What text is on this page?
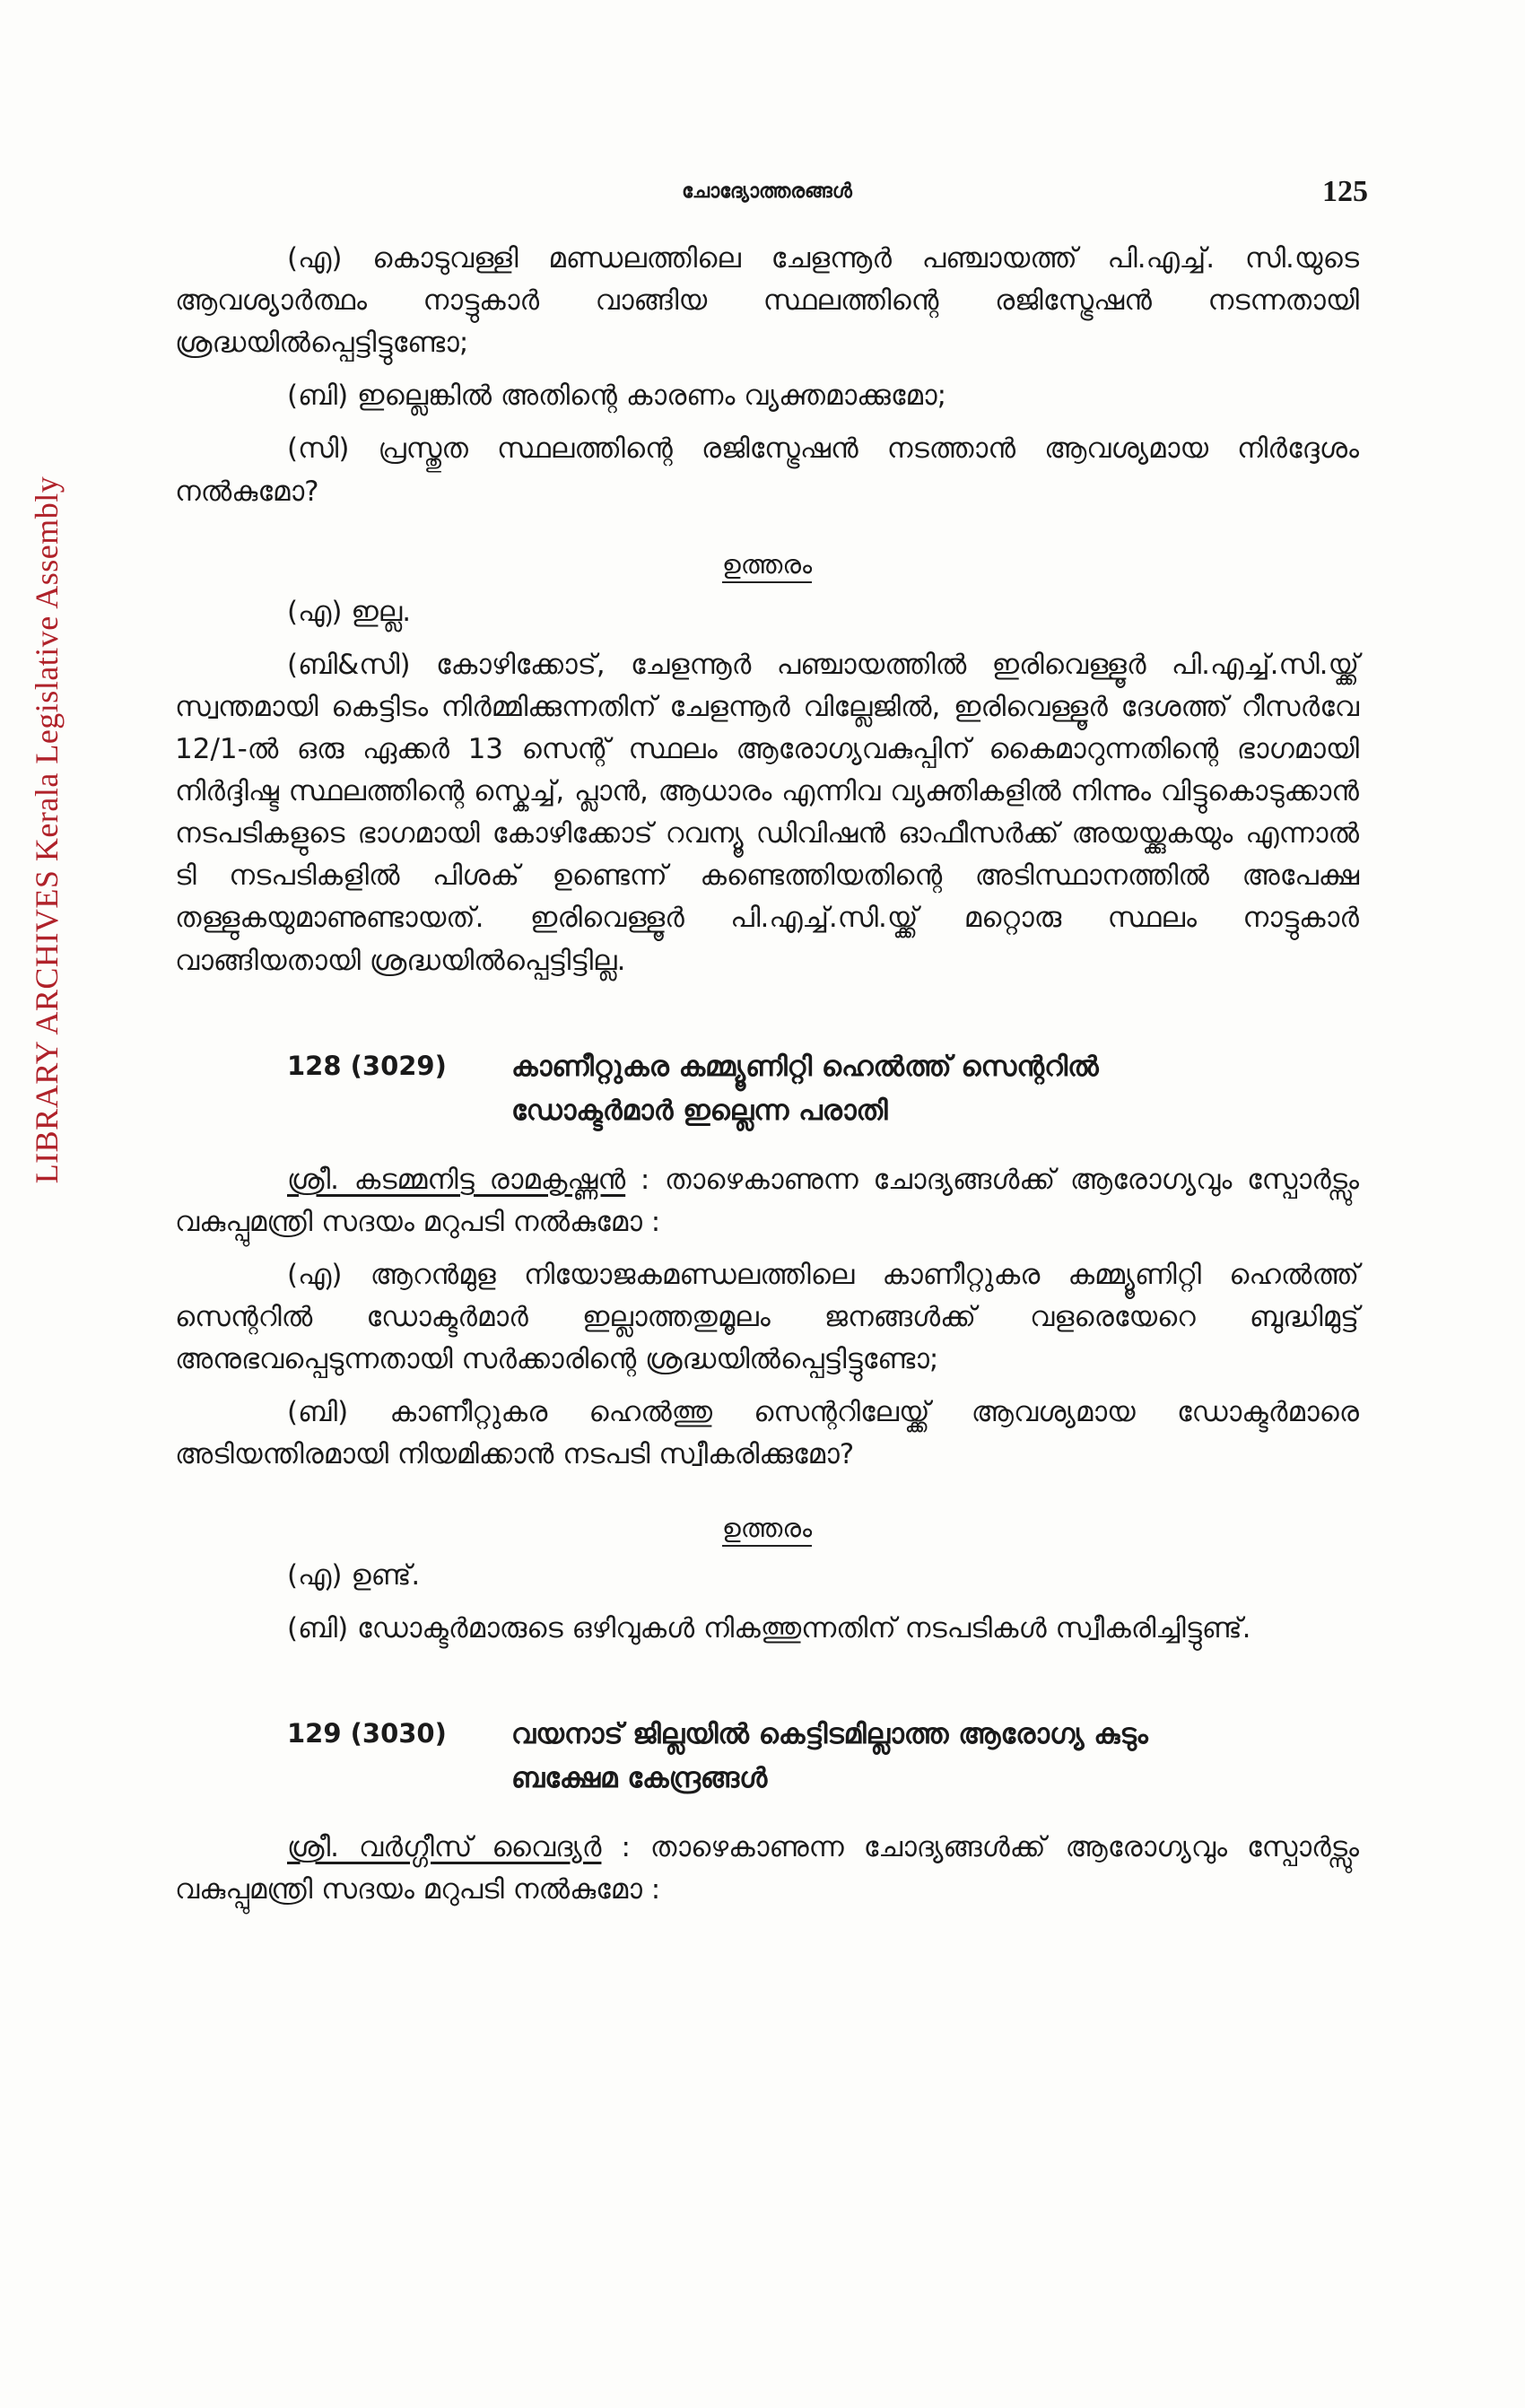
LIBRARY ARCHIVES Kerala Legislative Assembly
ചോദ്യോത്തരങ്ങൾ	125

(എ) കൊടുവള്ളി മണ്ഡലത്തിലെ ചേളന്നൂർ പഞ്ചായത്ത് പി.എച്ച്. സി.യുടെ ആവശ്യാർത്ഥം നാട്ടുകാർ വാങ്ങിയ സ്ഥലത്തിന്റെ രജിസ്ട്രേഷൻ നടന്നതായി ശ്രദ്ധയിൽപ്പെട്ടിട്ടുണ്ടോ;

(ബി) ഇല്ലെങ്കിൽ അതിന്റെ കാരണം വ്യക്തമാക്കുമോ;

(സി) പ്രസ്തുത സ്ഥലത്തിന്റെ രജിസ്ട്രേഷൻ നടത്താൻ ആവശ്യമായ നിർദ്ദേശം നൽകുമോ?

ഉത്തരം

(എ) ഇല്ല.

(ബി&സി) കോഴിക്കോട്, ചേളന്നൂർ പഞ്ചായത്തിൽ ഇരിവെള്ളൂർ പി.എച്ച്.സി.യ്ക്ക് സ്വന്തമായി കെട്ടിടം നിർമ്മിക്കുന്നതിന് ചേളന്നൂർ വില്ലേജിൽ, ഇരിവെള്ളൂർ ദേശത്ത് റീസർവേ 12/1-ൽ ഒരു ഏക്കർ 13 സെന്റ് സ്ഥലം ആരോഗ്യവകുപ്പിന് കൈമാറുന്നതിന്റെ ഭാഗമായി നിർദ്ദിഷ്ട സ്ഥലത്തിന്റെ സ്കെച്ച്, പ്ലാൻ, ആധാരം എന്നിവ വ്യക്തികളിൽ നിന്നും വിട്ടുകൊടുക്കാൻ നടപടികളുടെ ഭാഗമായി കോഴിക്കോട് റവന്യൂ ഡിവിഷൻ ഓഫീസർക്ക് അയയ്ക്കുകയും എന്നാൽ ടി നടപടികളിൽ പിശക് ഉണ്ടെന്ന് കണ്ടെത്തിയതിന്റെ അടിസ്ഥാനത്തിൽ അപേക്ഷ തള്ളുകയുമാണുണ്ടായത്. ഇരിവെള്ളൂർ പി.എച്ച്.സി.യ്ക്ക് മറ്റൊരു സ്ഥലം നാട്ടുകാർ വാങ്ങിയതായി ശ്രദ്ധയിൽപ്പെട്ടിട്ടില്ല.

128 (3029)	കാണീറ്റുകര കമ്മ്യൂണിറ്റി ഹെൽത്ത് സെന്ററിൽ
ഡോക്ടർമാർ ഇല്ലെന്ന പരാതി

ശ്രീ. കടമ്മനിട്ട രാമകൃഷ്ണൻ : താഴെകാണുന്ന ചോദ്യങ്ങൾക്ക് ആരോഗ്യവും സ്പോർട്സും വകുപ്പുമന്ത്രി സദയം മറുപടി നൽകുമോ :

(എ) ആറൻമുള നിയോജകമണ്ഡലത്തിലെ കാണീറ്റുകര കമ്മ്യൂണിറ്റി ഹെൽത്ത് സെന്ററിൽ ഡോക്ടർമാർ ഇല്ലാത്തതുമൂലം ജനങ്ങൾക്ക് വളരെയേറെ ബുദ്ധിമുട്ട് അനുഭവപ്പെടുന്നതായി സർക്കാരിന്റെ ശ്രദ്ധയിൽപ്പെട്ടിട്ടുണ്ടോ;

(ബി) കാണീറ്റുകര ഹെൽത്തു സെന്ററിലേയ്ക്ക് ആവശ്യമായ ഡോക്ടർമാരെ അടിയന്തിരമായി നിയമിക്കാൻ നടപടി സ്വീകരിക്കുമോ?

ഉത്തരം

(എ) ഉണ്ട്.

(ബി) ഡോക്ടർമാരുടെ ഒഴിവുകൾ നികത്തുന്നതിന് നടപടികൾ സ്വീകരിച്ചിട്ടുണ്ട്.

129 (3030)	വയനാട് ജില്ലയിൽ കെട്ടിടമില്ലാത്ത ആരോഗ്യ കുടും
ബക്ഷേമ കേന്ദ്രങ്ങൾ

ശ്രീ. വർഗ്ഗീസ് വൈദ്യർ : താഴെകാണുന്ന ചോദ്യങ്ങൾക്ക് ആരോഗ്യവും സ്പോർട്സും വകുപ്പുമന്ത്രി സദയം മറുപടി നൽകുമോ :
